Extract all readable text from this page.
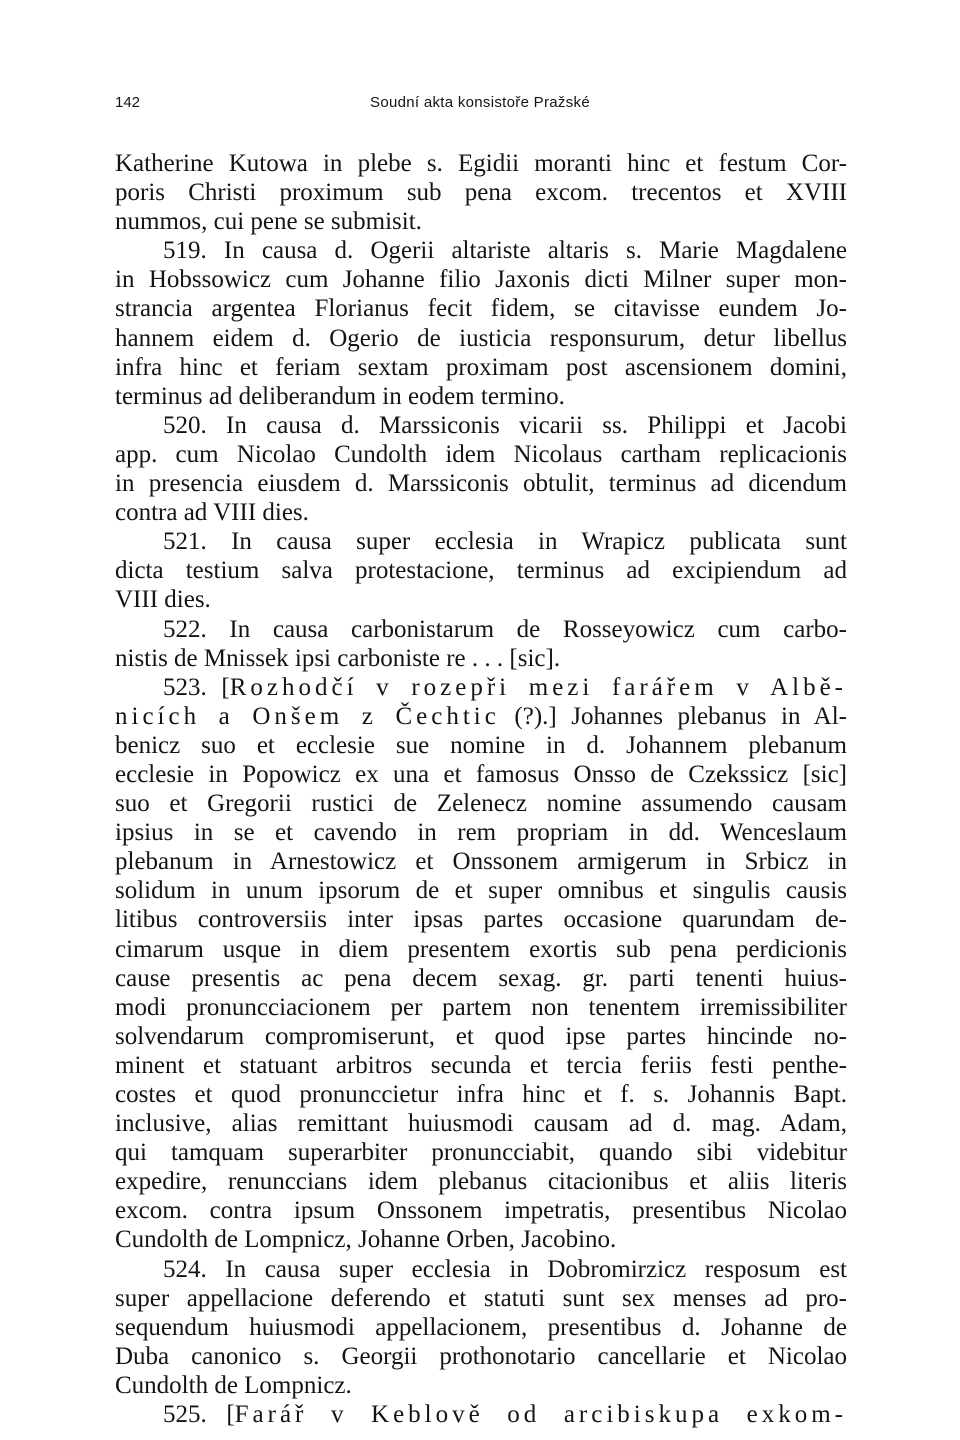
142	Soudní akta konsistoře Pražské
Katherine Kutowa in plebe s. Egidii moranti hinc et festum Cor-
poris Christi proximum sub pena excom. trecentos et XVIII
nummos, cui pene se submisit.
519. In causa d. Ogerii altariste altaris s. Marie Magdalene
in Hobssowicz cum Johanne filio Jaxonis dicti Milner super mon-
strancia argentea Florianus fecit fidem, se citavisse eundem Jo-
hannem eidem d. Ogerio de iusticia responsurum, detur libellus
infra hinc et feriam sextam proximam post ascensionem domini,
terminus ad deliberandum in eodem termino.
520. In causa d. Marssiconis vicarii ss. Philippi et Jacobi
app. cum Nicolao Cundolth idem Nicolaus cartham replicacionis
in presencia eiusdem d. Marssiconis obtulit, terminus ad dicendum
contra ad VIII dies.
521. In causa super ecclesia in Wrapicz publicata sunt
dicta testium salva protestacione, terminus ad excipiendum ad
VIII dies.
522. In causa carbonistarum de Rosseyowicz cum carbo-
nistis de Mnissek ipsi carboniste re . . . [sic].
523. [Rozhodčí v rozepři mezi farářem v Albě-
nicích a Onšem z Čechtic (?).] Johannes plebanus in Al-
benicz suo et ecclesie sue nomine in d. Johannem plebanum
ecclesie in Popowicz ex una et famosus Onsso de Czekssicz [sic]
suo et Gregorii rustici de Zelenecz nomine assumendo causam
ipsius in se et cavendo in rem propriam in dd. Wenceslaum
plebanum in Arnestowicz et Onssonem armigerum in Srbicz in
solidum in unum ipsorum de et super omnibus et singulis causis
litibus controversiis inter ipsas partes occasione quarundam de-
cimarum usque in diem presentem exortis sub pena perdicionis
cause presentis ac pena decem sexag. gr. parti tenenti huius-
modi pronuncciacionem per partem non tenentem irremissibiliter
solvendarum compromiserunt, et quod ipse partes hincinde no-
minent et statuant arbitros secunda et tercia feriis festi penthe-
costes et quod pronunccietur infra hinc et f. s. Johannis Bapt.
inclusive, alias remittant huiusmodi causam ad d. mag. Adam,
qui tamquam superarbiter pronuncciabit, quando sibi videbitur
expedire, renunccians idem plebanus citacionibus et aliis literis
excom. contra ipsum Onssonem impetratis, presentibus Nicolao
Cundolth de Lompnicz, Johanne Orben, Jacobino.
524. In causa super ecclesia in Dobromirzicz resposum est
super appellacione deferendo et statuti sunt sex menses ad pro-
sequendum huiusmodi appellacionem, presentibus d. Johanne de
Duba canonico s. Georgii prothonotario cancellarie et Nicolao
Cundolth de Lompnicz.
525. [Farář v Keblově od arcibiskupa exkom-
